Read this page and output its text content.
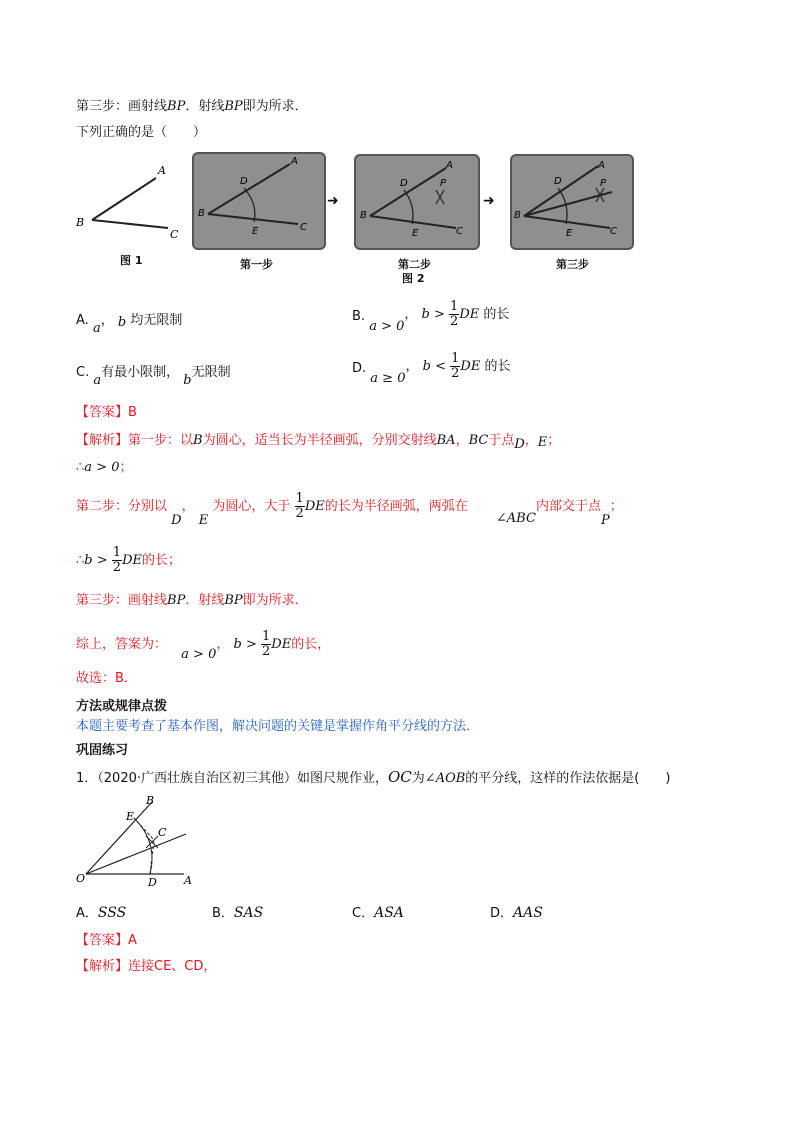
第三步：画射线BP．射线BP即为所求．
下列正确的是（　　）
A
B
C
图 1
A
B
C
D
E
第一步
➜
A
B
C
D	P
E
第二步
图 2
➜
A
B
C
D	P
E
第三步
A. a， b 均无限制	B. a > 0， $b > \frac{1}{2}$ DE 的长
C. a有最小限制， b无限制	D. a ≥ 0， $b < \frac{1}{2}$ DE 的长
【答案】B
【解析】第一步：以B为圆心，适当长为半径画弧，分别交射线BA，BC于点D，E；
∴a > 0；
第二步：分别以 D， E 为圆心，大于 $\frac{1}{2}$ DE的长为半径画弧，两弧在 ∠ABC内部交于点P；
∴b > $\frac{1}{2}$ DE的长；
第三步：画射线BP．射线BP即为所求．
综上，答案为： a > 0， $b > \frac{1}{2}$ DE的长，
故选：B．
方法或规律点拨
本题主要考查了基本作图，解决问题的关键是掌握作角平分线的方法．
巩固练习
1．（2020·广西壮族自治区初三其他）如图尺规作业，OC为∠AOB的平分线，这样的作法依据是(　　)
O	A
B
C
D
E
A．SSS	B．SAS	C．ASA	D．AAS
【答案】A
【解析】连接CE、CD，
